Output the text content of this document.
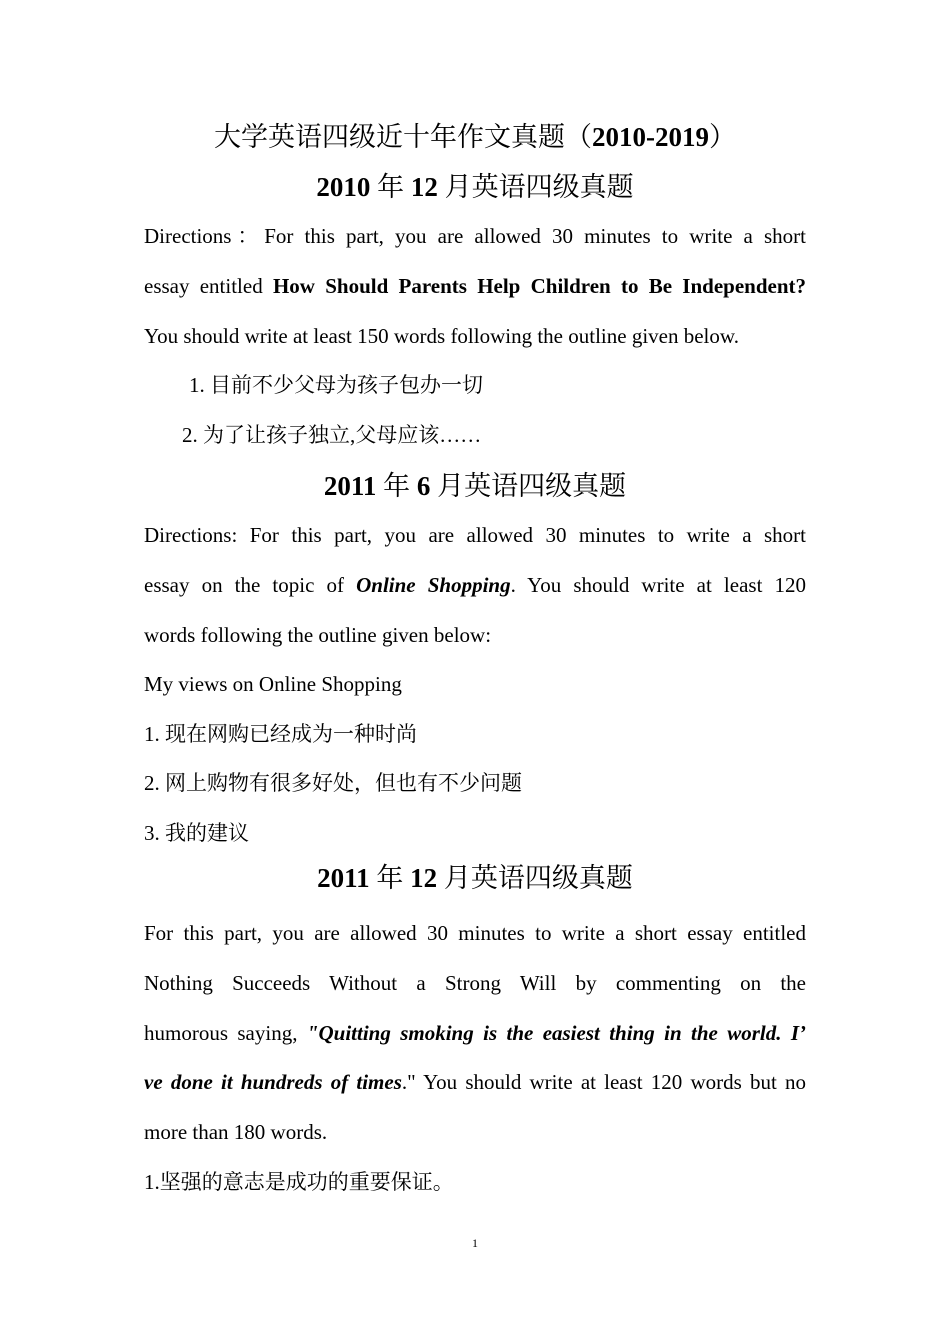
大学英语四级近十年作文真题（2010-2019）
2010 年 12 月英语四级真题
Directions：For this part, you are allowed 30 minutes to write a short
essay entitled How Should Parents Help Children to Be Independent?
You should write at least 150 words following the outline given below.
1. 目前不少父母为孩子包办一切
2. 为了让孩子独立,父母应该……
2011 年 6 月英语四级真题
Directions: For this part, you are allowed 30 minutes to write a short
essay on the topic of Online Shopping. You should write at least 120
words following the outline given below:
My views on Online Shopping
1. 现在网购已经成为一种时尚
2. 网上购物有很多好处，但也有不少问题
3. 我的建议
2011 年 12 月英语四级真题
For this part, you are allowed 30 minutes to write a short essay entitled
Nothing Succeeds Without a Strong Will by commenting on the
humorous saying, "Quitting smoking is the easiest thing in the world. I’
ve done it hundreds of times." You should write at least 120 words but no
more than 180 words.
1.坚强的意志是成功的重要保证。
1
